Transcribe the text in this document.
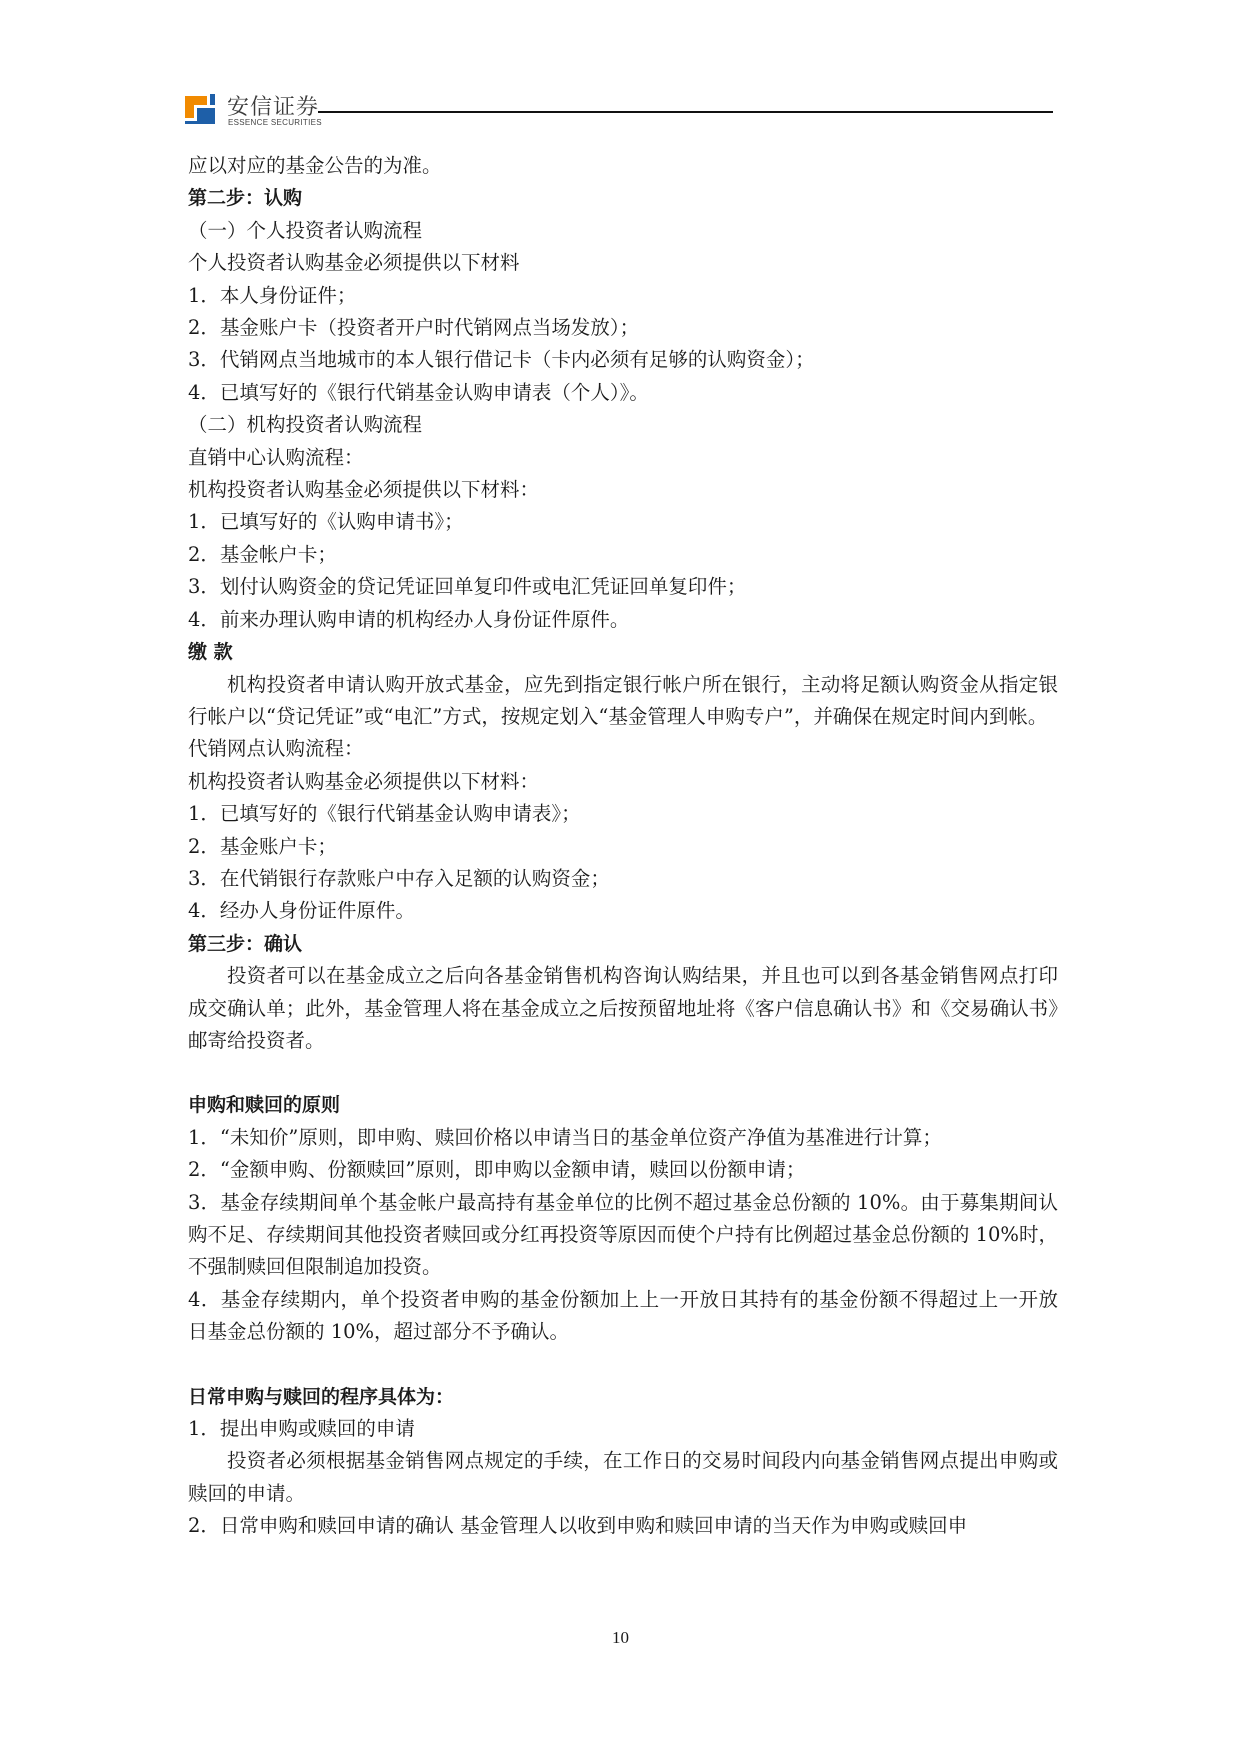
安信证券
ESSENCE SECURITIES

应以对应的基金公告的为准。

第二步：认购

（一）个人投资者认购流程

个人投资者认购基金必须提供以下材料

1．本人身份证件；

2．基金账户卡（投资者开户时代销网点当场发放）；

3．代销网点当地城市的本人银行借记卡（卡内必须有足够的认购资金）；

4．已填写好的《银行代销基金认购申请表（个人）》。

（二）机构投资者认购流程

直销中心认购流程：

机构投资者认购基金必须提供以下材料：

1．已填写好的《认购申请书》；

2．基金帐户卡；

3．划付认购资金的贷记凭证回单复印件或电汇凭证回单复印件；

4．前来办理认购申请的机构经办人身份证件原件。

缴 款

机构投资者申请认购开放式基金，应先到指定银行帐户所在银行，主动将足额认购资金从指定银行帐户以“贷记凭证”或“电汇”方式，按规定划入“基金管理人申购专户”，并确保在规定时间内到帐。

代销网点认购流程：

机构投资者认购基金必须提供以下材料：

1．已填写好的《银行代销基金认购申请表》；

2．基金账户卡；

3．在代销银行存款账户中存入足额的认购资金；

4．经办人身份证件原件。

第三步：确认

投资者可以在基金成立之后向各基金销售机构咨询认购结果，并且也可以到各基金销售网点打印成交确认单；此外，基金管理人将在基金成立之后按预留地址将《客户信息确认书》和《交易确认书》邮寄给投资者。

申购和赎回的原则

1．“未知价”原则，即申购、赎回价格以申请当日的基金单位资产净值为基准进行计算；

2．“金额申购、份额赎回”原则，即申购以金额申请，赎回以份额申请；

3．基金存续期间单个基金帐户最高持有基金单位的比例不超过基金总份额的 10%。由于募集期间认购不足、存续期间其他投资者赎回或分红再投资等原因而使个户持有比例超过基金总份额的 10%时，不强制赎回但限制追加投资。

4．基金存续期内，单个投资者申购的基金份额加上上一开放日其持有的基金份额不得超过上一开放日基金总份额的 10%，超过部分不予确认。

日常申购与赎回的程序具体为：

1．提出申购或赎回的申请

投资者必须根据基金销售网点规定的手续，在工作日的交易时间段内向基金销售网点提出申购或赎回的申请。

2．日常申购和赎回申请的确认 基金管理人以收到申购和赎回申请的当天作为申购或赎回申

10
